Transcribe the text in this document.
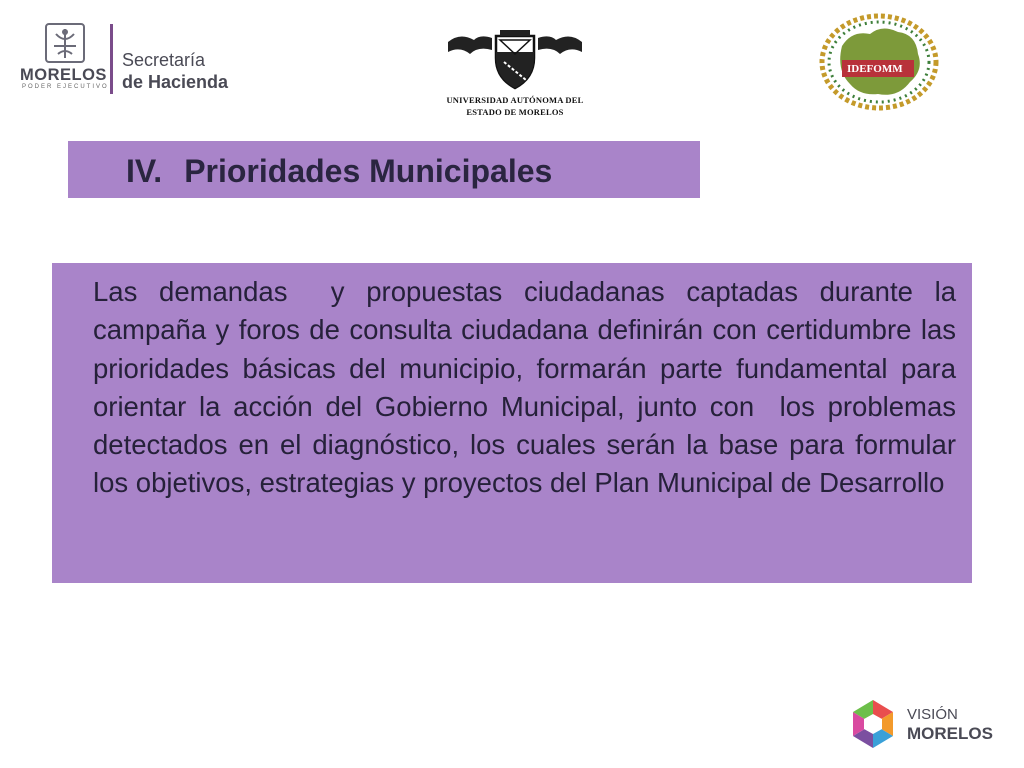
MORELOS
PODER EJECUTIVO
Secretaría
de Hacienda
UNIVERSIDAD AUTÓNOMA DEL
ESTADO DE MORELOS
IDEFOMM
IV. Prioridades Municipales

Las demandas  y propuestas ciudadanas captadas durante la campaña y foros de consulta ciudadana definirán con certidumbre las prioridades básicas del municipio, formarán parte fundamental para orientar la acción del Gobierno Municipal, junto con  los problemas detectados en el diagnóstico, los cuales serán la base para formular los objetivos, estrategias y proyectos del Plan Municipal de Desarrollo

VISIÓN
MORELOS
